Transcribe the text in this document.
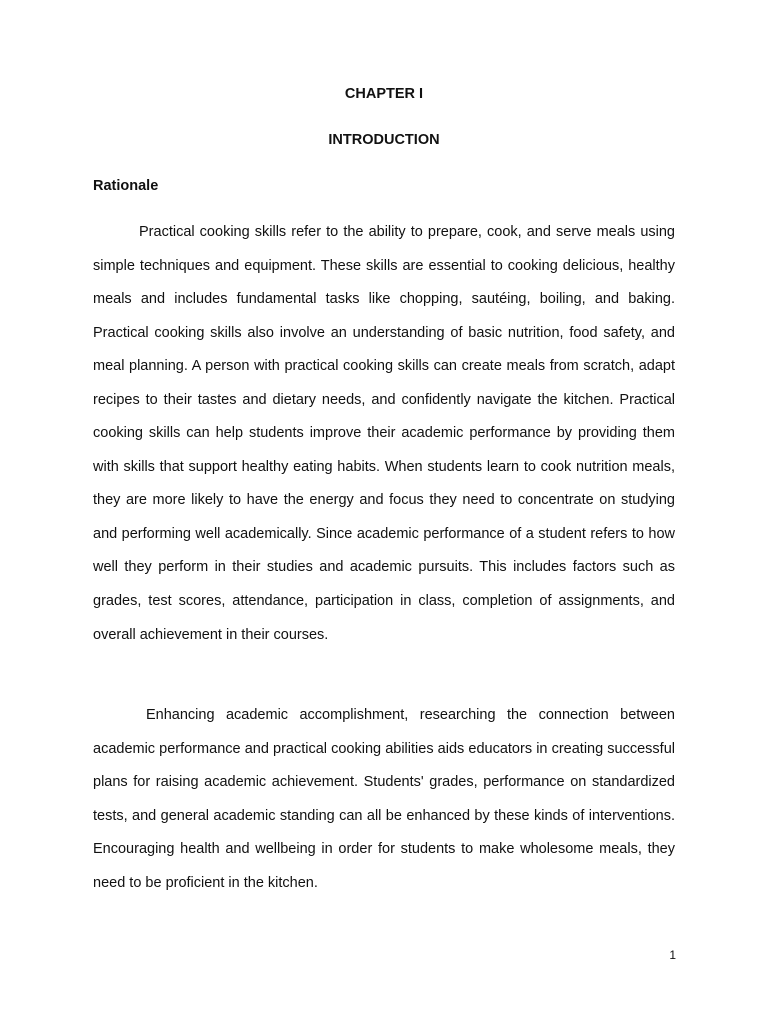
CHAPTER I
INTRODUCTION
Rationale

Practical cooking skills refer to the ability to prepare, cook, and serve meals using simple techniques and equipment. These skills are essential to cooking delicious, healthy meals and includes fundamental tasks like chopping, sautéing, boiling, and baking. Practical cooking skills also involve an understanding of basic nutrition, food safety, and meal planning. A person with practical cooking skills can create meals from scratch, adapt recipes to their tastes and dietary needs, and confidently navigate the kitchen. Practical cooking skills can help students improve their academic performance by providing them with skills that support healthy eating habits. When students learn to cook nutrition meals, they are more likely to have the energy and focus they need to concentrate on studying and performing well academically. Since academic performance of a student refers to how well they perform in their studies and academic pursuits. This includes factors such as grades, test scores, attendance, participation in class, completion of assignments, and overall achievement in their courses.

Enhancing academic accomplishment, researching the connection between academic performance and practical cooking abilities aids educators in creating successful plans for raising academic achievement. Students' grades, performance on standardized tests, and general academic standing can all be enhanced by these kinds of interventions. Encouraging health and wellbeing in order for students to make wholesome meals, they need to be proficient in the kitchen.

1
